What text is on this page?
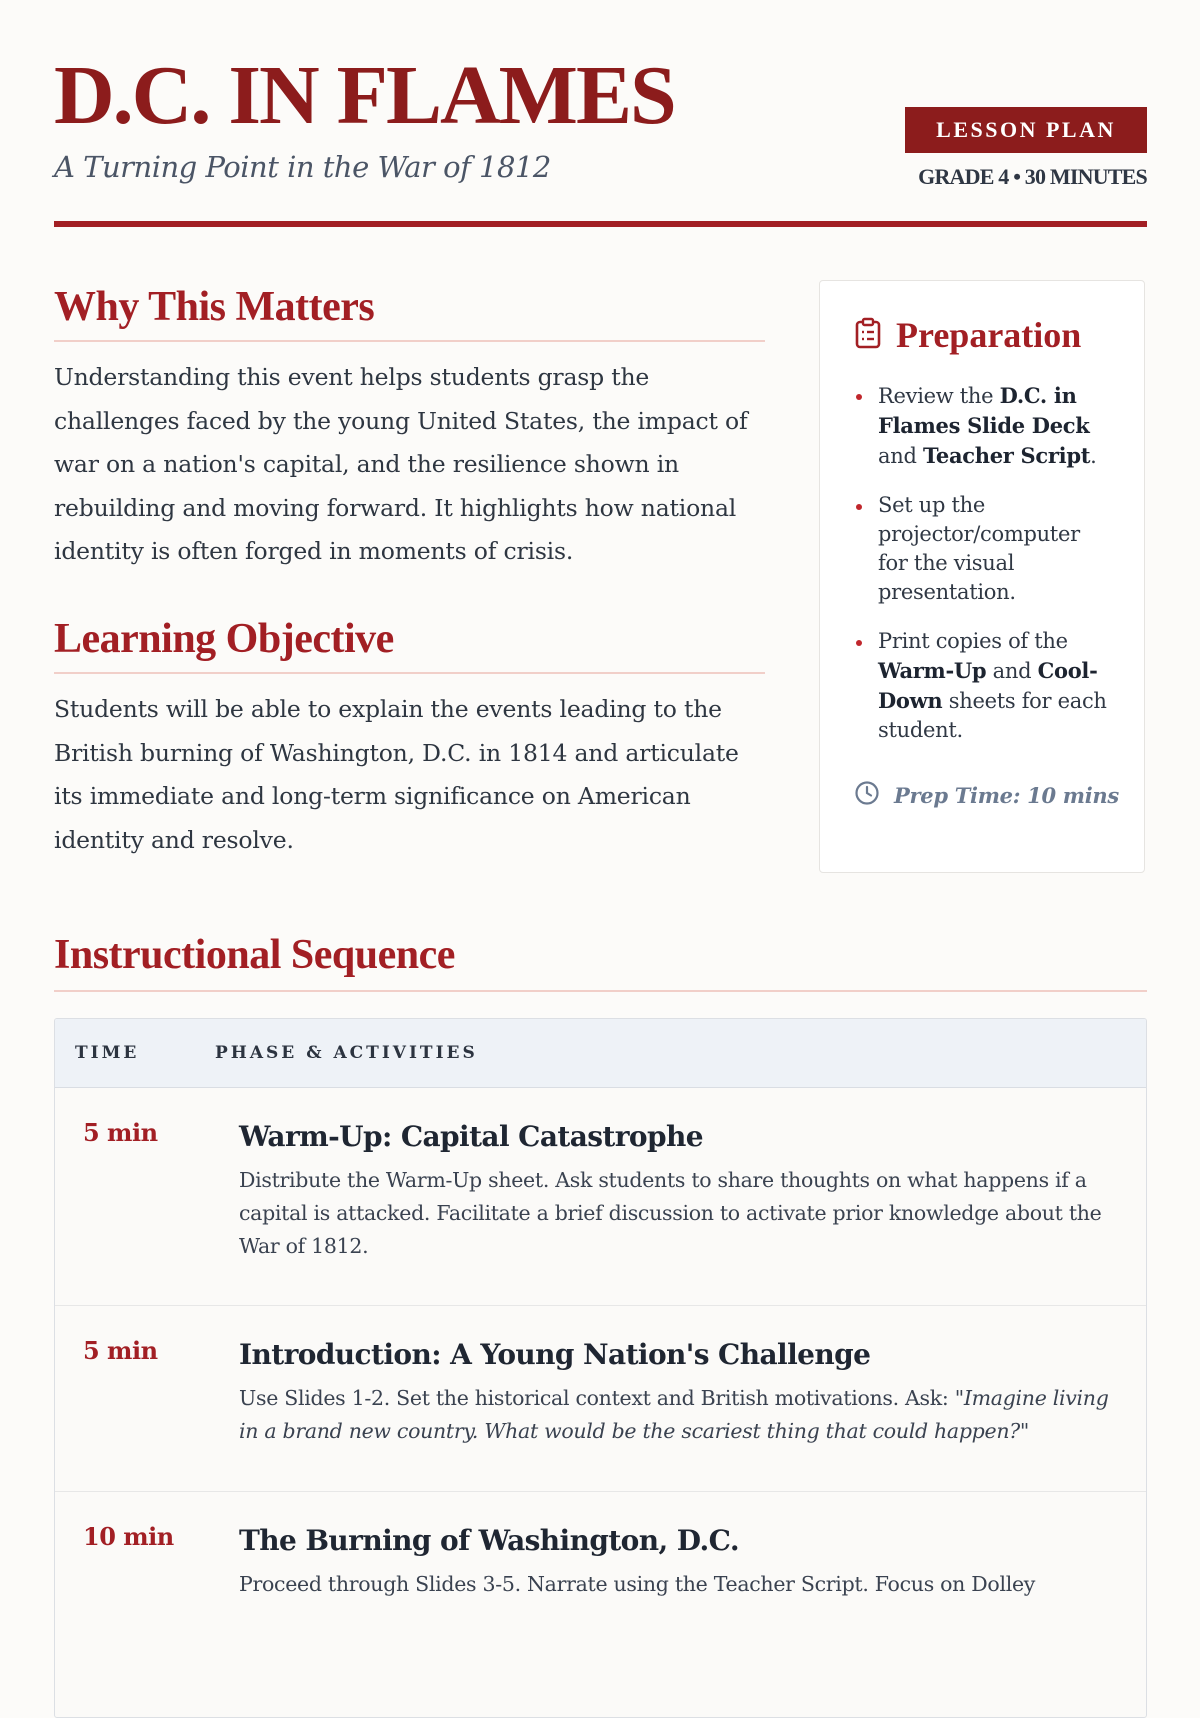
D.C. IN FLAMES

A Turning Point in the War of 1812

LESSON PLAN

GRADE 4 • 30 MINUTES

Why This Matters

Understanding this event helps students grasp the challenges faced by the young United States, the impact of war on a nation's capital, and the resilience shown in rebuilding and moving forward. It highlights how national identity is often forged in moments of crisis.

Learning Objective

Students will be able to explain the events leading to the British burning of Washington, D.C. in 1814 and articulate its immediate and long-term significance on American identity and resolve.

Preparation
Review the D.C. in Flames Slide Deck and Teacher Script.
Set up the projector/computer for the visual presentation.
Print copies of the Warm-Up and Cool-Down sheets for each student.
Prep Time: 10 mins
Instructional Sequence
TIME	PHASE & ACTIVITIES
5 min	Warm-Up: Capital Catastrophe

Distribute the Warm-Up sheet. Ask students to share thoughts on what happens if a capital is attacked. Facilitate a brief discussion to activate prior knowledge about the War of 1812.

5 min	Introduction: A Young Nation's Challenge

Use Slides 1-2. Set the historical context and British motivations. Ask: "Imagine living in a brand new country. What would be the scariest thing that could happen?"

10 min	The Burning of Washington, D.C.

Proceed through Slides 3-5. Narrate using the Teacher Script. Focus on Dolley
